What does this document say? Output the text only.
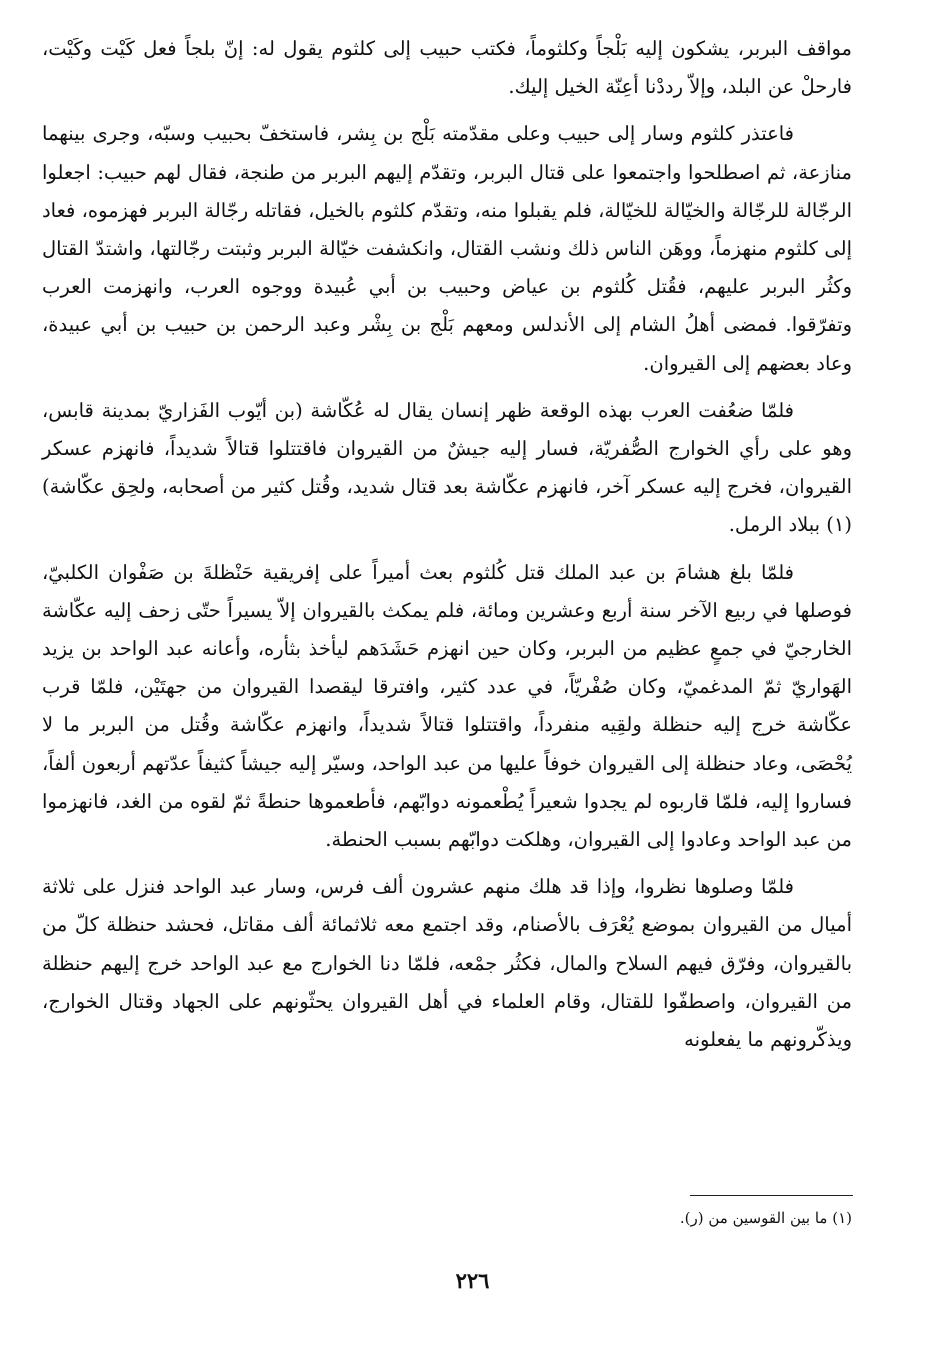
مواقف البربر، يشكون إليه بَلْجاً وكلثوماً، فكتب حبيب إلى كلثوم يقول له: إنّ بلجاً فعل كَيْت وكَيْت، فارحلْ عن البلد، وإلاّ رددْنا أعِنّة الخيل إليك.

فاعتذر كلثوم وسار إلى حبيب وعلى مقدّمته بَلْج بن بِشر، فاستخفّ بحبيب وسبّه، وجرى بينهما منازعة، ثم اصطلحوا واجتمعوا على قتال البربر، وتقدّم إليهم البربر من طنجة، فقال لهم حبيب: اجعلوا الرجّالة للرجّالة والخيّالة للخيّالة، فلم يقبلوا منه، وتقدّم كلثوم بالخيل، فقاتله رجّالة البربر فهزموه، فعاد إلى كلثوم منهزماً، ووهَن الناس ذلك ونشب القتال، وانكشفت خيّالة البربر وثبتت رجّالتها، واشتدّ القتال وكثُر البربر عليهم، فقُتل كُلثوم بن عياض وحبيب بن أبي عُبيدة ووجوه العرب، وانهزمت العرب وتفرّقوا. فمضى أهلُ الشام إلى الأندلس ومعهم بَلْج بن بِشْر وعبد الرحمن بن حبيب بن أبي عبيدة، وعاد بعضهم إلى القيروان.

فلمّا ضعُفت العرب بهذه الوقعة ظهر إنسان يقال له عُكّاشة (بن أيّوب الفَزاريّ بمدينة قابس، وهو على رأي الخوارج الصُّفريّة، فسار إليه جيشٌ من القيروان فاقتتلوا قتالاً شديداً، فانهزم عسكر القيروان، فخرج إليه عسكر آخر، فانهزم عكّاشة بعد قتال شديد، وقُتل كثير من أصحابه، ولحِق عكّاشة)(١) ببلاد الرمل.

فلمّا بلغ هشامَ بن عبد الملك قتل كُلثوم بعث أميراً على إفريقية حَنْظلةَ بن صَفْوان الكلبيّ، فوصلها في ربيع الآخر سنة أربع وعشرين ومائة، فلم يمكث بالقيروان إلاّ يسيراً حتّى زحف إليه عكّاشة الخارجيّ في جمعٍ عظيم من البربر، وكان حين انهزم حَشَدَهم ليأخذ بثأره، وأعانه عبد الواحد بن يزيد الهَواريّ ثمّ المدغميّ، وكان صُفْريّاً، في عدد كثير، وافترقا ليقصدا القيروان من جهتَيْن، فلمّا قرب عكّاشة خرج إليه حنظلة ولقِيه منفرداً، واقتتلوا قتالاً شديداً، وانهزم عكّاشة وقُتل من البربر ما لا يُحْصَى، وعاد حنظلة إلى القيروان خوفاً عليها من عبد الواحد، وسيّر إليه جيشاً كثيفاً عدّتهم أربعون ألفاً، فساروا إليه، فلمّا قاربوه لم يجدوا شعيراً يُطْعمونه دوابّهم، فأطعموها حنطةً ثمّ لقوه من الغد، فانهزموا من عبد الواحد وعادوا إلى القيروان، وهلكت دوابّهم بسبب الحنطة.

فلمّا وصلوها نظروا، وإذا قد هلك منهم عشرون ألف فرس، وسار عبد الواحد فنزل على ثلاثة أميال من القيروان بموضع يُعْرَف بالأصنام، وقد اجتمع معه ثلاثمائة ألف مقاتل، فحشد حنظلة كلّ من بالقيروان، وفرّق فيهم السلاح والمال، فكثُر جمْعه، فلمّا دنا الخوارج مع عبد الواحد خرج إليهم حنظلة من القيروان، واصطفّوا للقتال، وقام العلماء في أهل القيروان يحثّونهم على الجهاد وقتال الخوارج، ويذكّرونهم ما يفعلونه

(١) ما بين القوسين من (ر).
٢٢٦
